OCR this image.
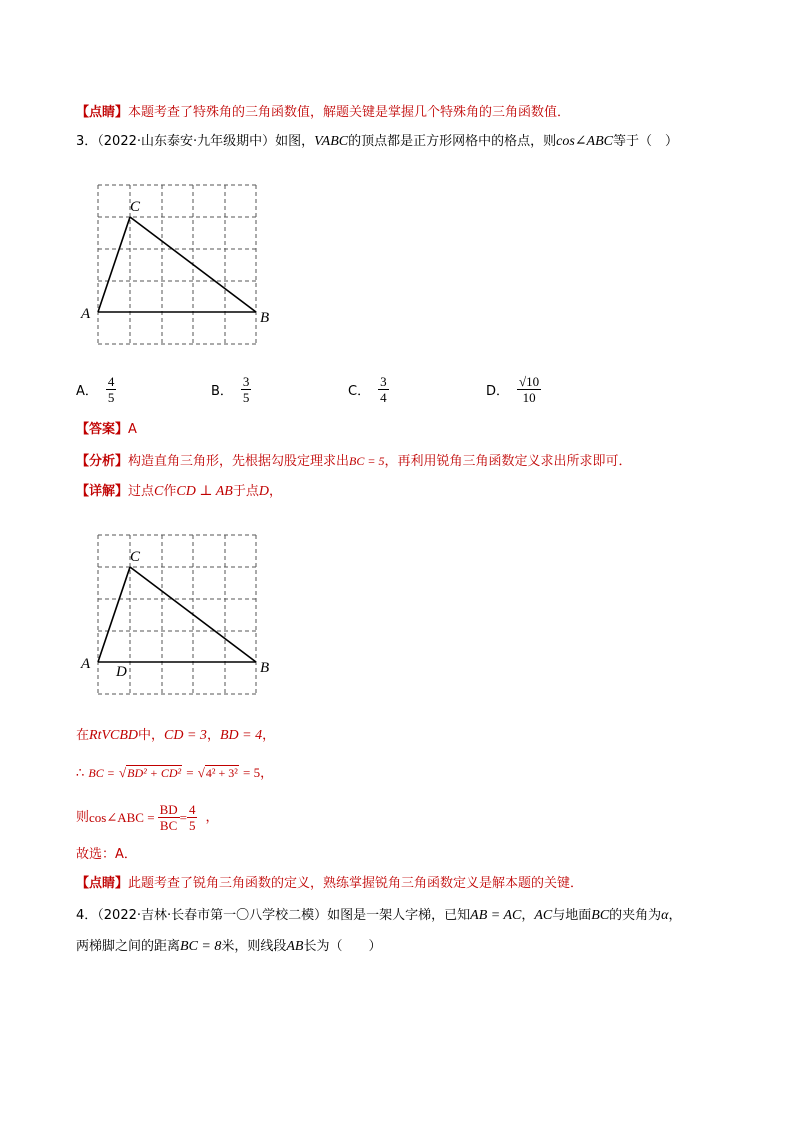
【点睛】本题考查了特殊角的三角函数值，解题关键是掌握几个特殊角的三角函数值．
3．（2022·山东泰安·九年级期中）如图，VABC的顶点都是正方形网格中的格点，则cos∠ABC等于（　）
A	B
C
A． $\frac{4}{5}$	B． $\frac{3}{5}$	C． $\frac{3}{4}$	D． $\frac{√10}{10}$
【答案】A
【分析】构造直角三角形，先根据勾股定理求出BC = 5，再利用锐角三角函数定义求出所求即可．
【详解】过点C作CD ⊥ AB于点D，
A	B
C
D
在RtVCBD中，CD = 3，BD = 4，
∴ BC = √BD² + CD² = √4² + 3² = 5，
则 cos∠ABC = $\frac{BD}{BC} = \frac{4}{5}$ ，
故选：A．
【点睛】此题考查了锐角三角函数的定义，熟练掌握锐角三角函数定义是解本题的关键．
4．（2022·吉林·长春市第一〇八学校二模）如图是一架人字梯，已知AB = AC，AC与地面BC的夹角为α，
两梯脚之间的距离BC = 8米，则线段AB长为（　　）
